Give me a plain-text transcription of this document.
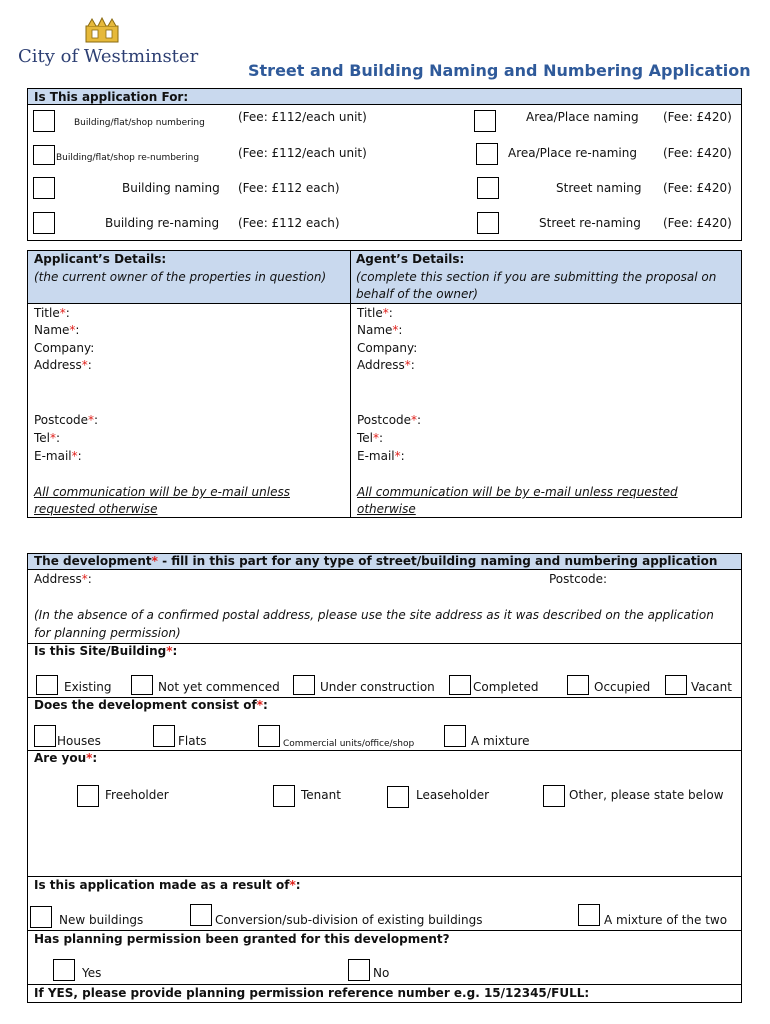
City of Westminster
Street and Building Naming and Numbering Application
Is This application For:
Building/flat/shop numbering	(Fee: £112/each unit)
Building/flat/shop re-numbering	(Fee: £112/each unit)
Building naming (Fee: £112 each)
Building re-naming (Fee: £112 each)
Area/Place naming (Fee: £420)
Area/Place re-naming (Fee: £420)
Street naming (Fee: £420)
Street re-naming (Fee: £420)
Applicant’s Details:
(the current owner of the properties in question)
Agent’s Details:
(complete this section if you are submitting the proposal on
behalf of the owner)
Title*:
Name*:
Company:
Address*:
Postcode*:
Tel*:
E-mail*:
All communication will be by e-mail unless
requested otherwise
Title*:
Name*:
Company:
Address*:
Postcode*:
Tel*:
E-mail*:
All communication will be by e-mail unless requested
otherwise
The development* - fill in this part for any type of street/building naming and numbering application
Address*:	Postcode:
(In the absence of a confirmed postal address, please use the site address as it was described on the application
for planning permission)
Is this Site/Building*:
Existing	Not yet commenced	Under construction	Completed	Occupied	Vacant
Does the development consist of*:
Houses	Flats	Commercial units/office/shop	A mixture
Are you*:
Freeholder	Tenant	Leaseholder	Other, please state below
Is this application made as a result of*:
New buildings	Conversion/sub-division of existing buildings	A mixture of the two
Has planning permission been granted for this development?
Yes	No
If YES, please provide planning permission reference number e.g. 15/12345/FULL:
